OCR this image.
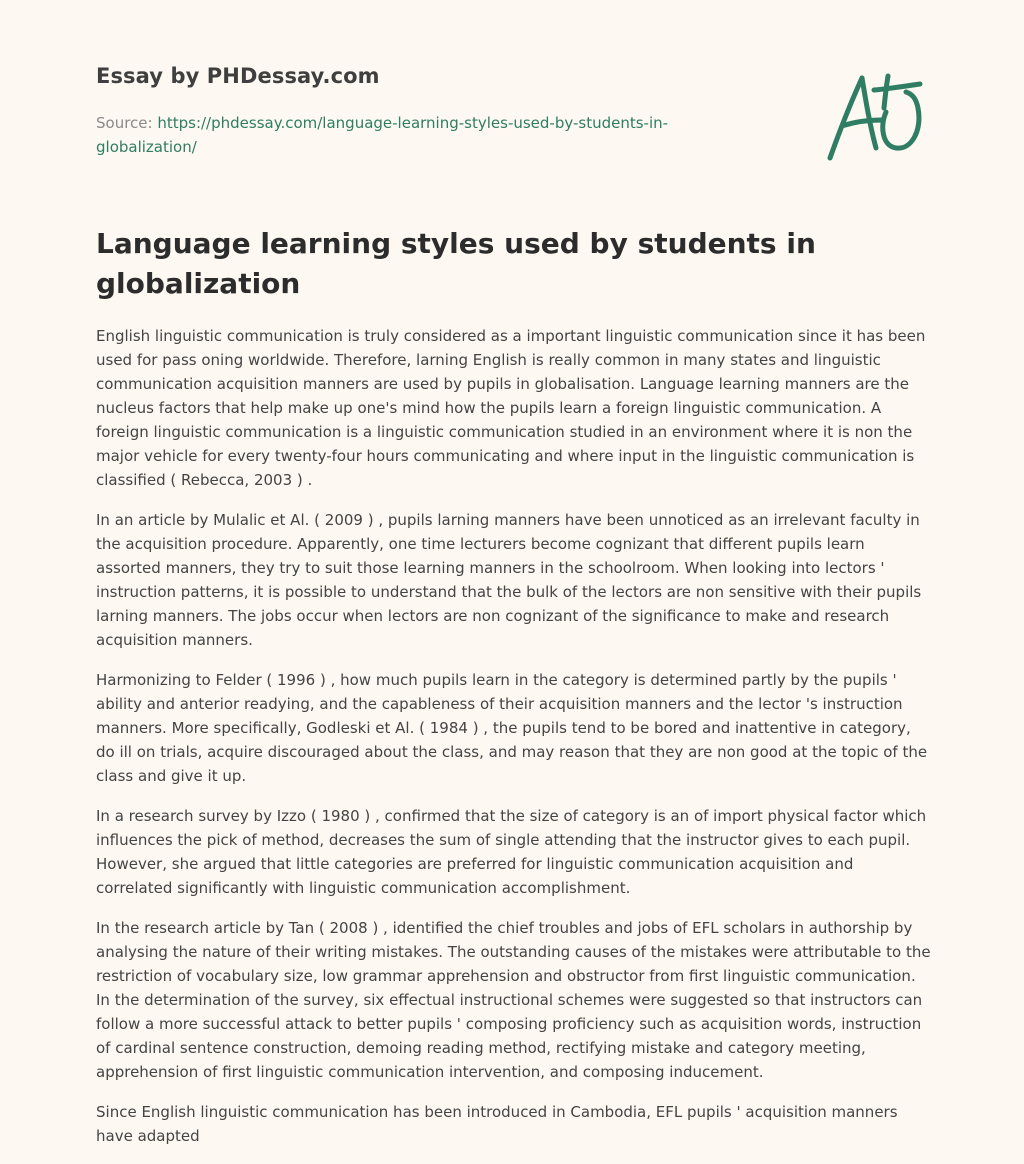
Essay by PHDessay.com
Source: https://phdessay.com/language-learning-styles-used-by-students-in-globalization/
Language learning styles used by students in globalization

English linguistic communication is truly considered as a important linguistic communication since it has been used for pass oning worldwide. Therefore, larning English is really common in many states and linguistic communication acquisition manners are used by pupils in globalisation. Language learning manners are the nucleus factors that help make up one's mind how the pupils learn a foreign linguistic communication. A foreign linguistic communication is a linguistic communication studied in an environment where it is non the major vehicle for every twenty-four hours communicating and where input in the linguistic communication is classified ( Rebecca, 2003 ) .

In an article by Mulalic et Al. ( 2009 ) , pupils larning manners have been unnoticed as an irrelevant faculty in the acquisition procedure. Apparently, one time lecturers become cognizant that different pupils learn assorted manners, they try to suit those learning manners in the schoolroom. When looking into lectors ' instruction patterns, it is possible to understand that the bulk of the lectors are non sensitive with their pupils larning manners. The jobs occur when lectors are non cognizant of the significance to make and research acquisition manners.

Harmonizing to Felder ( 1996 ) , how much pupils learn in the category is determined partly by the pupils ' ability and anterior readying, and the capableness of their acquisition manners and the lector 's instruction manners. More specifically, Godleski et Al. ( 1984 ) , the pupils tend to be bored and inattentive in category, do ill on trials, acquire discouraged about the class, and may reason that they are non good at the topic of the class and give it up.

In a research survey by Izzo ( 1980 ) , confirmed that the size of category is an of import physical factor which influences the pick of method, decreases the sum of single attending that the instructor gives to each pupil. However, she argued that little categories are preferred for linguistic communication acquisition and correlated significantly with linguistic communication accomplishment.

In the research article by Tan ( 2008 ) , identified the chief troubles and jobs of EFL scholars in authorship by analysing the nature of their writing mistakes. The outstanding causes of the mistakes were attributable to the restriction of vocabulary size, low grammar apprehension and obstructor from first linguistic communication. In the determination of the survey, six effectual instructional schemes were suggested so that instructors can follow a more successful attack to better pupils ' composing proficiency such as acquisition words, instruction of cardinal sentence construction, demoing reading method, rectifying mistake and category meeting, apprehension of first linguistic communication intervention, and composing inducement.

Since English linguistic communication has been introduced in Cambodia, EFL pupils ' acquisition manners have adapted
